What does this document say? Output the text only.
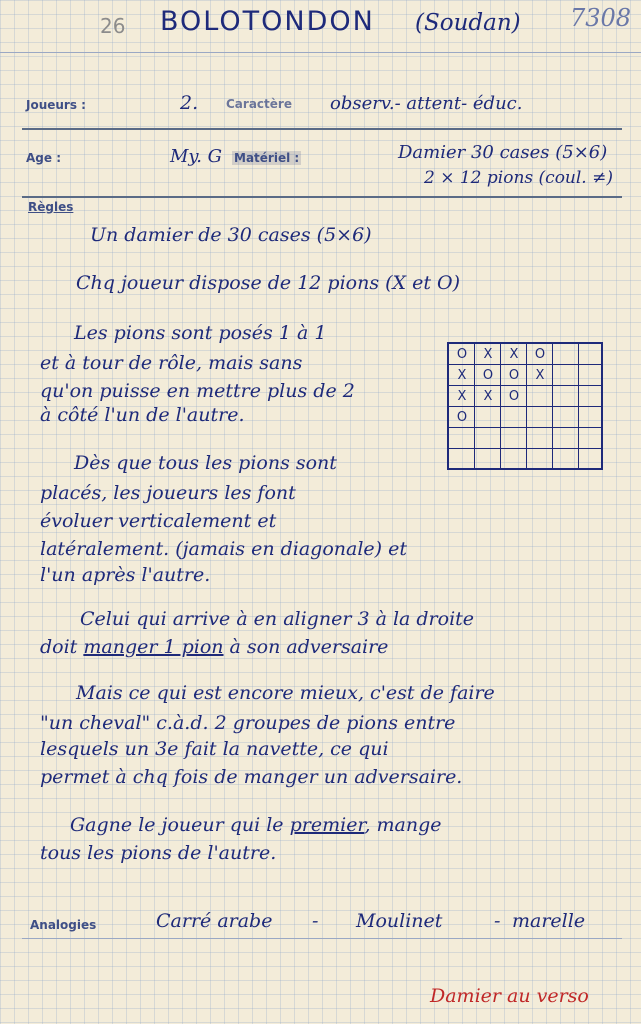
26 BOLOTONDON (Soudan) 7308
Joueurs :	2. Caractère observ.- attent- éduc.
Age :	My. G Matériel :	Damier 30 cases (5×6)
2 × 12 pions (coul. ≠)
Règles
Un damier de 30 cases (5×6)
Chq joueur dispose de 12 pions (X et O)
Les pions sont posés 1 à 1
et à tour de rôle, mais sans
qu'on puisse en mettre plus de 2
à côté l'un de l'autre.
O	X	X	O
X	O	O	X
X	X	O
O
Dès que tous les pions sont
placés, les joueurs les font
évoluer verticalement et
latéralement. (jamais en diagonale) et
l'un après l'autre.
Celui qui arrive à en aligner 3 à la droite
doit manger 1 pion à son adversaire
Mais ce qui est encore mieux, c'est de faire
"un cheval" c.à.d. 2 groupes de pions entre
lesquels un 3e fait la navette, ce qui
permet à chq fois de manger un adversaire.
Gagne le joueur qui le premier, mange
tous les pions de l'autre.
Analogies	Carré arabe - Moulinet	- marelle
Damier au verso
